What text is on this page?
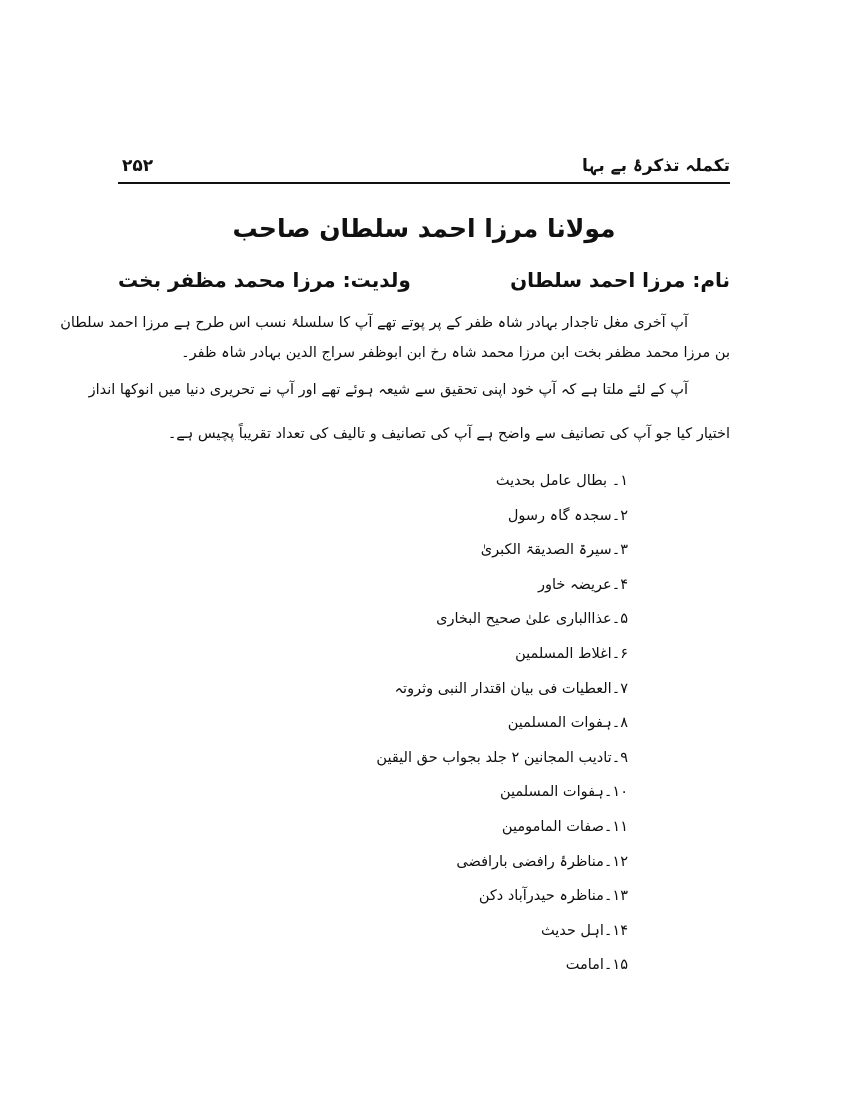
۲۵۲	تکملہ تذکرۂ بے بہا
مولانا مرزا احمد سلطان صاحب
نام: مرزا احمد سلطان
ولدیت: مرزا محمد مظفر بخت
آپ آخری مغل تاجدار بہادر شاہ ظفر کے پر پوتے تھے آپ کا سلسلۂ نسب اس طرح ہے مرزا احمد سلطان
بن مرزا محمد مظفر بخت ابن مرزا محمد شاہ رخ ابن ابوظفر سراج الدین بہادر شاہ ظفر۔
آپ کے لئے ملتا ہے کہ آپ خود اپنی تحقیق سے شیعہ ہوئے تھے اور آپ نے تحریری دنیا میں انوکھا انداز
اختیار کیا جو آپ کی تصانیف سے واضح ہے آپ کی تصانیف و تالیف کی تعداد تقریباً پچیس ہے۔
۱۔ بطال عامل بحدیث
۲۔سجدہ گاہ رسول
۳۔سیرۃ الصدیقۃ الکبریٰ
۴۔عریضہ خاور
۵۔عذاالباری علیٰ صحیح البخاری
۶۔اغلاط المسلمین
۷۔العطیات فی بیان اقتدار النبی وثروتہ
۸۔ہفوات المسلمین
۹۔تادیب المجانین ۲ جلد بجواب حق الیقین
۱۰۔ہفوات المسلمین
۱۱۔صفات المامومین
۱۲۔مناظرۂ رافضی بارافضی
۱۳۔مناظرہ حیدرآباد دکن
۱۴۔اہل حدیث
۱۵۔امامت
